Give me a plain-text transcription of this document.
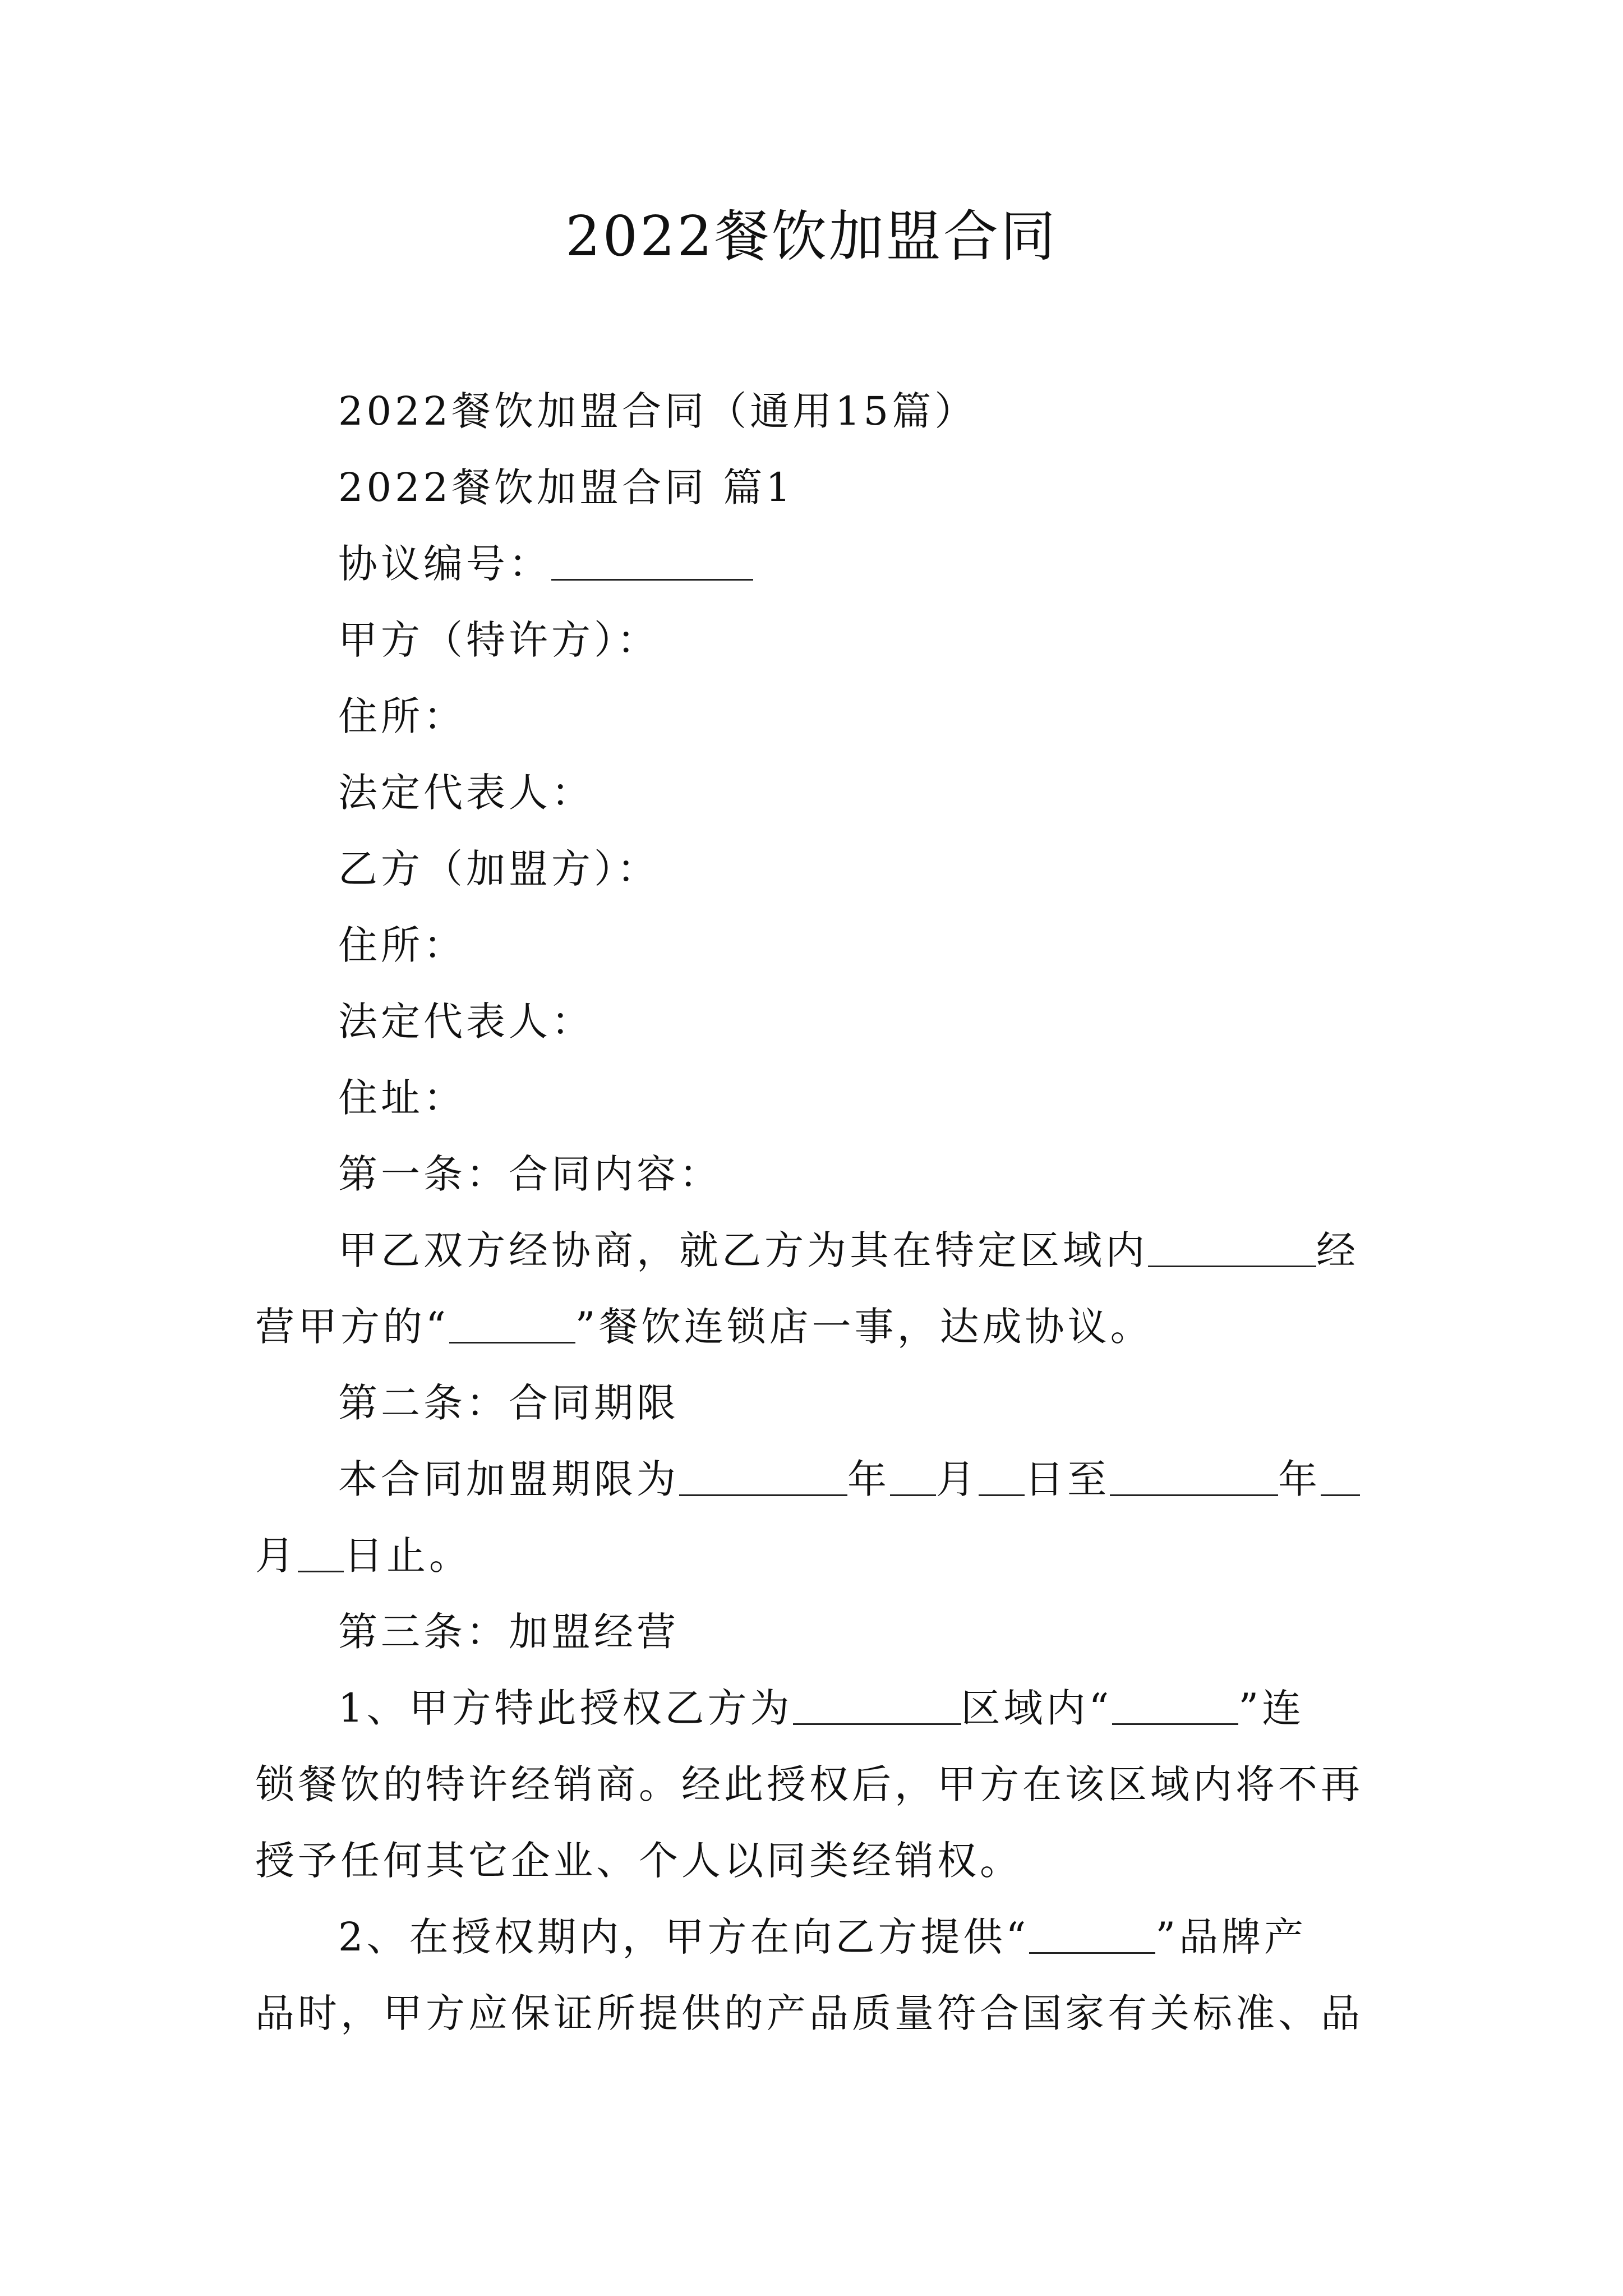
2022餐饮加盟合同
2022餐饮加盟合同（通用15篇）
2022餐饮加盟合同 篇1
协议编号：
甲方（特许方）：
住所：
法定代表人：
乙方（加盟方）：
住所：
法定代表人：
住址：
第一条：合同内容：
甲乙双方经协商，就乙方为其在特定区域内	经
营甲方的“	”餐饮连锁店一事，达成协议。
第二条：合同期限
本合同加盟期限为	年 月 日至	年
月 日止。
第三条：加盟经营
1、甲方特此授权乙方为	区域内“	”连
锁餐饮的特许经销商。经此授权后，甲方在该区域内将不再
授予任何其它企业、个人以同类经销权。
2、在授权期内，甲方在向乙方提供“	”品牌产
品时，甲方应保证所提供的产品质量符合国家有关标准、品
